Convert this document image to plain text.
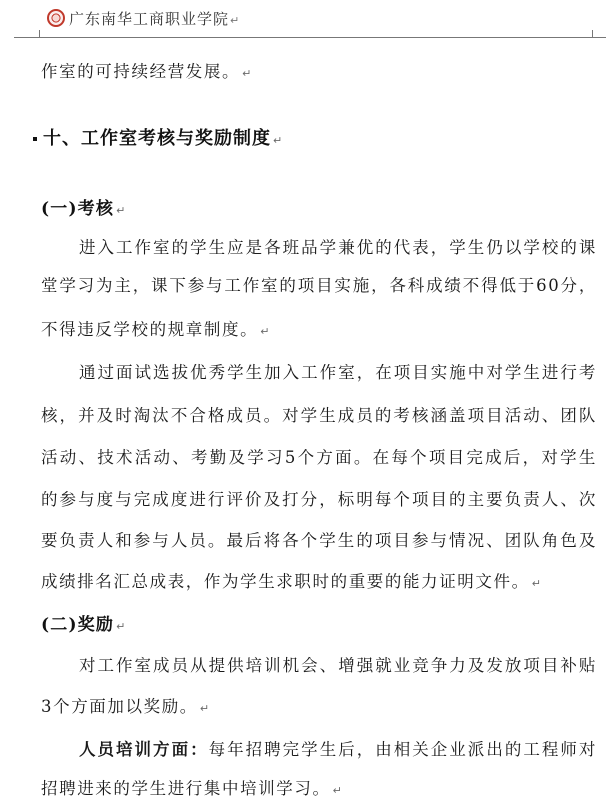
广东南华工商职业学院↵
作室的可持续经营发展。 ↵
十、工作室考核与奖励制度 ↵
(一)考核 ↵
进入工作室的学生应是各班品学兼优的代表，学生仍以学校的课
堂学习为主，课下参与工作室的项目实施，各科成绩不得低于60分，
不得违反学校的规章制度。 ↵
通过面试选拔优秀学生加入工作室，在项目实施中对学生进行考
核，并及时淘汰不合格成员。对学生成员的考核涵盖项目活动、团队
活动、技术活动、考勤及学习5个方面。在每个项目完成后，对学生
的参与度与完成度进行评价及打分，标明每个项目的主要负责人、次
要负责人和参与人员。最后将各个学生的项目参与情况、团队角色及
成绩排名汇总成表，作为学生求职时的重要的能力证明文件。 ↵
(二)奖励 ↵
对工作室成员从提供培训机会、增强就业竞争力及发放项目补贴
3个方面加以奖励。 ↵
人员培训方面：每年招聘完学生后，由相关企业派出的工程师对
招聘进来的学生进行集中培训学习。 ↵
